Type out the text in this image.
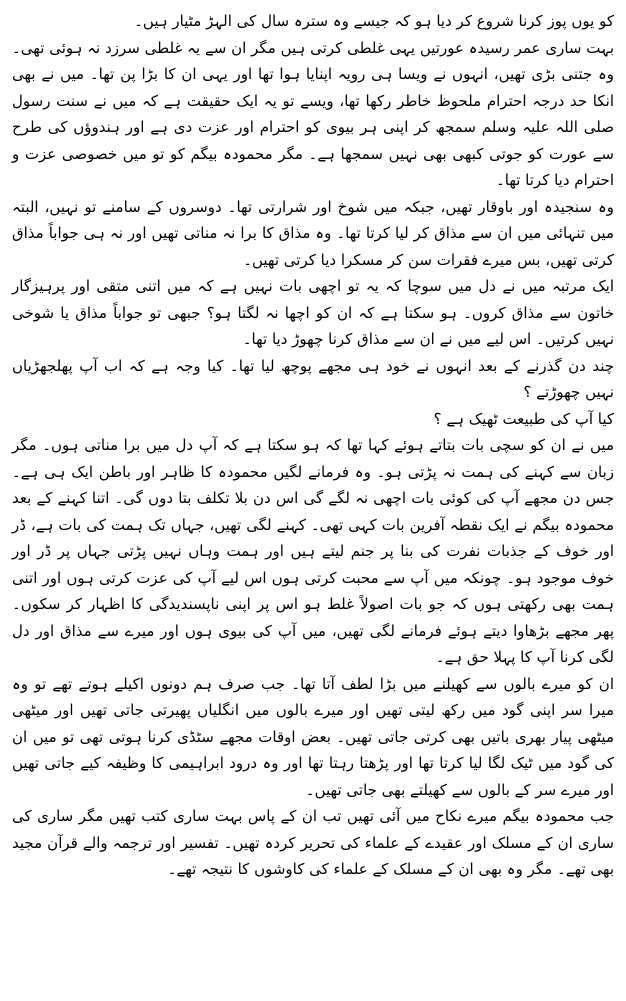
کو یوں پوز کرنا شروع کر دیا ہو کہ جیسے وہ سترہ سال کی الہڑ مٹیار ہیں۔

بہت ساری عمر رسیدہ عورتیں یہی غلطی کرتی ہیں مگر ان سے یہ غلطی سرزد نہ ہوئی تھی۔ وہ جتنی بڑی تھیں، انہوں نے ویسا ہی رویہ اپنایا ہوا تھا اور یہی ان کا بڑا پن تھا۔ میں نے بھی انکا حد درجہ احترام ملحوظ خاطر رکھا تھا، ویسے تو یہ ایک حقیقت ہے کہ میں نے سنت رسول صلی اللہ علیہ وسلم سمجھ کر اپنی ہر بیوی کو احترام اور عزت دی ہے اور ہندوؤں کی طرح سے عورت کو جوتی کبھی بھی نہیں سمجھا ہے۔ مگر محمودہ بیگم کو تو میں خصوصی عزت و احترام دیا کرتا تھا۔

وہ سنجیدہ اور باوقار تھیں، جبکہ میں شوخ اور شرارتی تھا۔ دوسروں کے سامنے تو نہیں، البتہ میں تنہائی میں ان سے مذاق کر لیا کرتا تھا۔ وہ مذاق کا برا نہ مناتی تھیں اور نہ ہی جواباً مذاق کرتی تھیں، بس میرے فقرات سن کر مسکرا دیا کرتی تھیں۔

ایک مرتبہ میں نے دل میں سوچا کہ یہ تو اچھی بات نہیں ہے کہ میں اتنی متقی اور پرہیزگار خاتون سے مذاق کروں۔ ہو سکتا ہے کہ ان کو اچھا نہ لگتا ہو؟ جبھی تو جواباً مذاق یا شوخی نہیں کرتیں۔ اس لیے میں نے ان سے مذاق کرنا چھوڑ دیا تھا۔

چند دن گذرنے کے بعد انہوں نے خود ہی مجھے پوچھ لیا تھا۔ کیا وجہ ہے کہ اب آپ پھلجھڑیاں نہیں چھوڑتے ؟

کیا آپ کی طبیعت ٹھیک ہے ؟

میں نے ان کو سچی بات بتاتے ہوئے کہا تھا کہ ہو سکتا ہے کہ آپ دل میں برا مناتی ہوں۔ مگر زبان سے کہنے کی ہمت نہ پڑتی ہو۔ وہ فرمانے لگیں محمودہ کا ظاہر اور باطن ایک ہی ہے۔ جس دن مجھے آپ کی کوئی بات اچھی نہ لگے گی اس دن بلا تکلف بتا دوں گی۔ اتنا کہنے کے بعد محمودہ بیگم نے ایک نقطہ آفرین بات کہی تھی۔ کہنے لگی تھیں، جہاں تک ہمت کی بات ہے، ڈر اور خوف کے جذبات نفرت کی بنا پر جنم لیتے ہیں اور ہمت وہاں نہیں پڑتی جہاں پر ڈر اور خوف موجود ہو۔ چونکہ میں آپ سے محبت کرتی ہوں اس لیے آپ کی عزت کرتی ہوں اور اتنی ہمت بھی رکھتی ہوں کہ جو بات اصولاً غلط ہو اس پر اپنی ناپسندیدگی کا اظہار کر سکوں۔ پھر مجھے بڑھاوا دیتے ہوئے فرمانے لگی تھیں، میں آپ کی بیوی ہوں اور میرے سے مذاق اور دل لگی کرنا آپ کا پہلا حق ہے۔

ان کو میرے بالوں سے کھیلنے میں بڑا لطف آتا تھا۔ جب صرف ہم دونوں اکیلے ہوتے تھے تو وہ میرا سر اپنی گود میں رکھ لیتی تھیں اور میرے بالوں میں انگلیاں پھیرتی جاتی تھیں اور میٹھی میٹھی پیار بھری باتیں بھی کرتی جاتی تھیں۔ بعض اوقات مجھے سٹڈی کرنا ہوتی تھی تو میں ان کی گود میں ٹیک لگا لیا کرتا تھا اور پڑھتا رہتا تھا اور وہ درود ابراہیمی کا وظیفہ کیے جاتی تھیں اور میرے سر کے بالوں سے کھیلتے بھی جاتی تھیں۔

جب محمودہ بیگم میرے نکاح میں آئی تھیں تب ان کے پاس بہت ساری کتب تھیں مگر ساری کی ساری ان کے مسلک اور عقیدے کے علماء کی تحریر کردہ تھیں۔ تفسیر اور ترجمہ والے قرآن مجید بھی تھے۔ مگر وہ بھی ان کے مسلک کے علماء کی کاوشوں کا نتیجہ تھے۔
